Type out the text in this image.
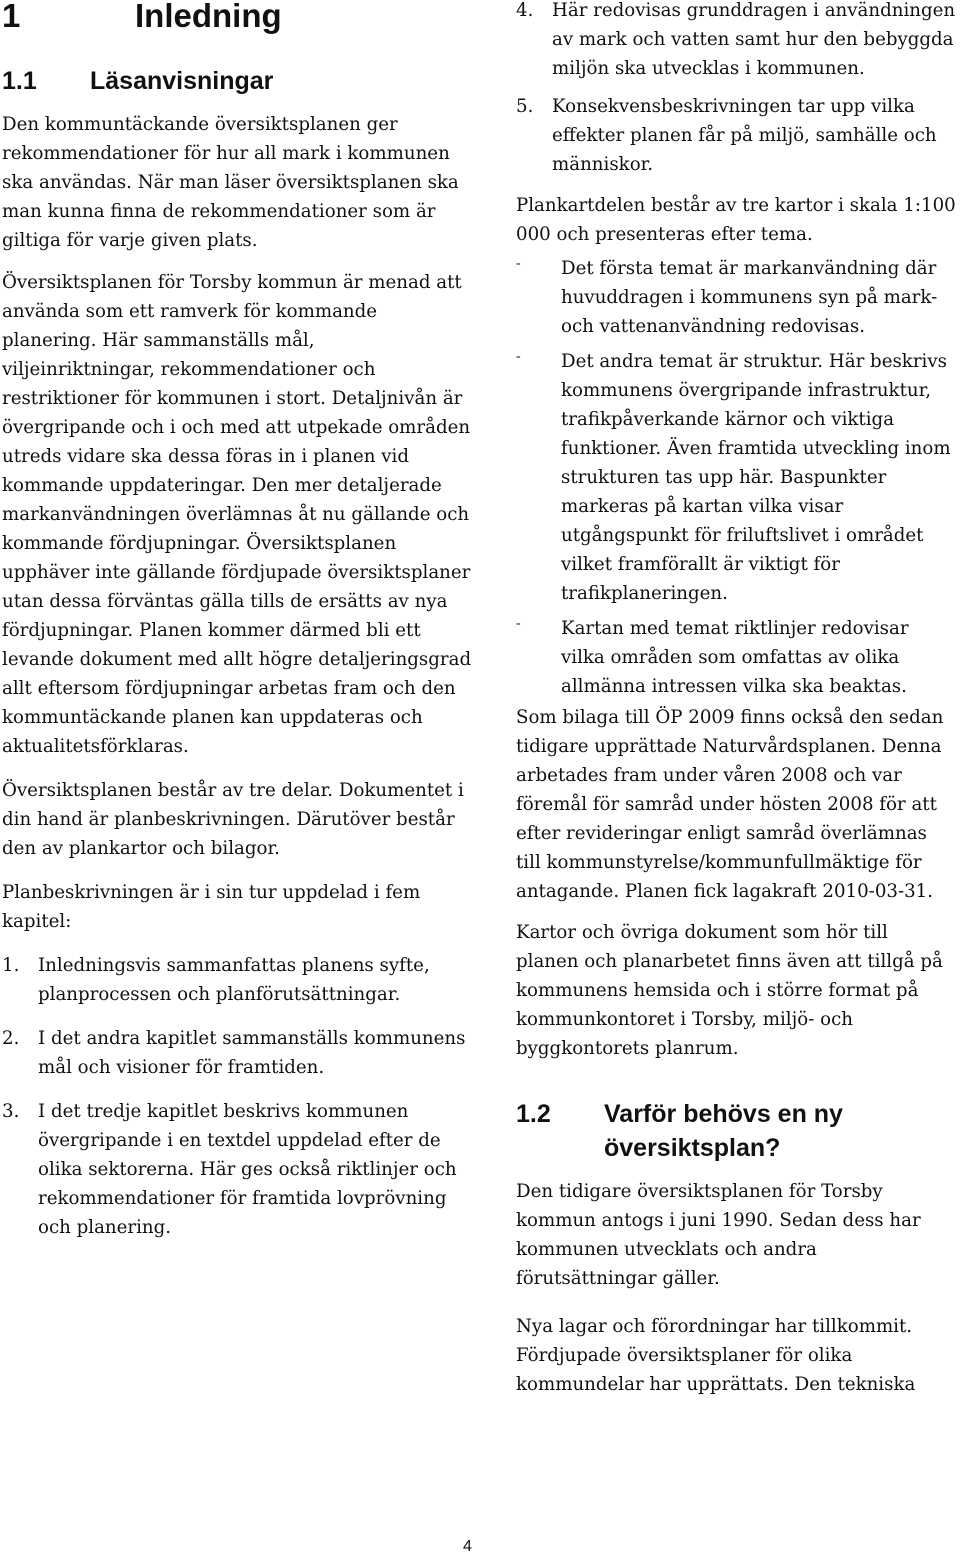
1	Inledning
1.1 Läsanvisningar

Den kommuntäckande översiktsplanen ger rekommendationer för hur all mark i kommunen ska användas. När man läser översiktsplanen ska man kunna finna de rekommendationer som är giltiga för varje given plats.

Översiktsplanen för Torsby kommun är menad att använda som ett ramverk för kommande planering. Här sammanställs mål, viljeinriktningar, rekommendationer och restriktioner för kommunen i stort. Detaljnivån är övergripande och i och med att utpekade områden utreds vidare ska dessa föras in i planen vid kommande uppdateringar. Den mer detaljerade markanvändningen överlämnas åt nu gällande och kommande fördjupningar. Översiktsplanen upphäver inte gällande fördjupade översiktsplaner utan dessa förväntas gälla tills de ersätts av nya fördjupningar. Planen kommer därmed bli ett levande dokument med allt högre detaljeringsgrad allt eftersom fördjupningar arbetas fram och den kommuntäckande planen kan uppdateras och aktualitetsförklaras.

Översiktsplanen består av tre delar. Dokumentet i din hand är planbeskrivningen. Därutöver består den av plankartor och bilagor.

Planbeskrivningen är i sin tur uppdelad i fem kapitel:

1.	Inledningsvis sammanfattas planens syfte, planprocessen och planförutsättningar.
2.	I det andra kapitlet sammanställs kommunens mål och visioner för framtiden.
3.	I det tredje kapitlet beskrivs kommunen övergripande i en textdel uppdelad efter de olika sektorerna. Här ges också riktlinjer och rekommendationer för framtida lovprövning och planering.
4.	Här redovisas grunddragen i användningen av mark och vatten samt hur den bebyggda miljön ska utvecklas i kommunen.
5.	Konsekvensbeskrivningen tar upp vilka effekter planen får på miljö, samhälle och människor.

Plankartdelen består av tre kartor i skala 1:100 000 och presenteras efter tema.

-	Det första temat är markanvändning där huvuddragen i kommunens syn på mark- och vattenanvändning redovisas.
-	Det andra temat är struktur. Här beskrivs kommunens övergripande infrastruktur, trafikpåverkande kärnor och viktiga funktioner. Även framtida utveckling inom strukturen tas upp här. Baspunkter markeras på kartan vilka visar utgångspunkt för friluftslivet i området vilket framförallt är viktigt för trafikplaneringen.
-	Kartan med temat riktlinjer redovisar vilka områden som omfattas av olika allmänna intressen vilka ska beaktas.

Som bilaga till ÖP 2009 finns också den sedan tidigare upprättade Naturvårdsplanen. Denna arbetades fram under våren 2008 och var föremål för samråd under hösten 2008 för att efter revideringar enligt samråd överlämnas till kommunstyrelse/kommunfullmäktige för antagande. Planen fick lagakraft 2010-03-31.

Kartor och övriga dokument som hör till planen och planarbetet finns även att tillgå på kommunens hemsida och i större format på kommunkontoret i Torsby, miljö- och byggkontorets planrum.

1.2	Varför behövs en ny översiktsplan?

Den tidigare översiktsplanen för Torsby kommun antogs i juni 1990. Sedan dess har kommunen utvecklats och andra förutsättningar gäller.

Nya lagar och förordningar har tillkommit. Fördjupade översiktsplaner för olika kommundelar har upprättats. Den tekniska

4
